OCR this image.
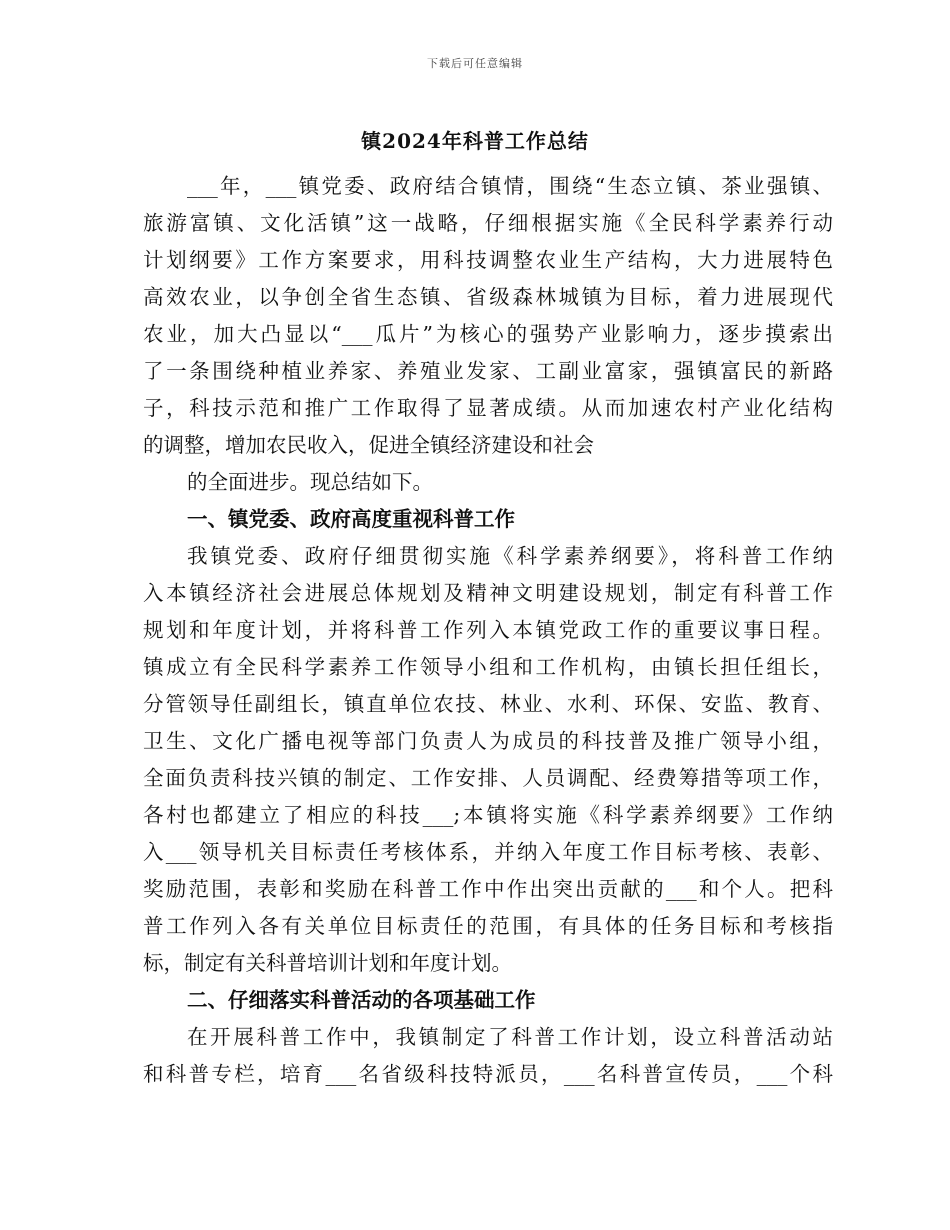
下载后可任意编辑
镇2024年科普工作总结
___年，___镇党委、政府结合镇情，围绕“生态立镇、茶业强镇、
旅游富镇、文化活镇”这一战略，仔细根据实施《全民科学素养行动
计划纲要》工作方案要求，用科技调整农业生产结构，大力进展特色
高效农业，以争创全省生态镇、省级森林城镇为目标，着力进展现代
农业，加大凸显以“___瓜片”为核心的强势产业影响力，逐步摸索出
了一条围绕种植业养家、养殖业发家、工副业富家，强镇富民的新路
子，科技示范和推广工作取得了显著成绩。从而加速农村产业化结构
的调整，增加农民收入，促进全镇经济建设和社会
的全面进步。现总结如下。
一、镇党委、政府高度重视科普工作
我镇党委、政府仔细贯彻实施《科学素养纲要》，将科普工作纳
入本镇经济社会进展总体规划及精神文明建设规划，制定有科普工作
规划和年度计划，并将科普工作列入本镇党政工作的重要议事日程。
镇成立有全民科学素养工作领导小组和工作机构，由镇长担任组长，
分管领导任副组长，镇直单位农技、林业、水利、环保、安监、教育、
卫生、文化广播电视等部门负责人为成员的科技普及推广领导小组，
全面负责科技兴镇的制定、工作安排、人员调配、经费筹措等项工作，
各村也都建立了相应的科技___;本镇将实施《科学素养纲要》工作纳
入___领导机关目标责任考核体系，并纳入年度工作目标考核、表彰、
奖励范围，表彰和奖励在科普工作中作出突出贡献的___和个人。把科
普工作列入各有关单位目标责任的范围，有具体的任务目标和考核指
标，制定有关科普培训计划和年度计划。
二、仔细落实科普活动的各项基础工作
在开展科普工作中，我镇制定了科普工作计划，设立科普活动站
和科普专栏，培育___名省级科技特派员，___名科普宣传员，___个科
